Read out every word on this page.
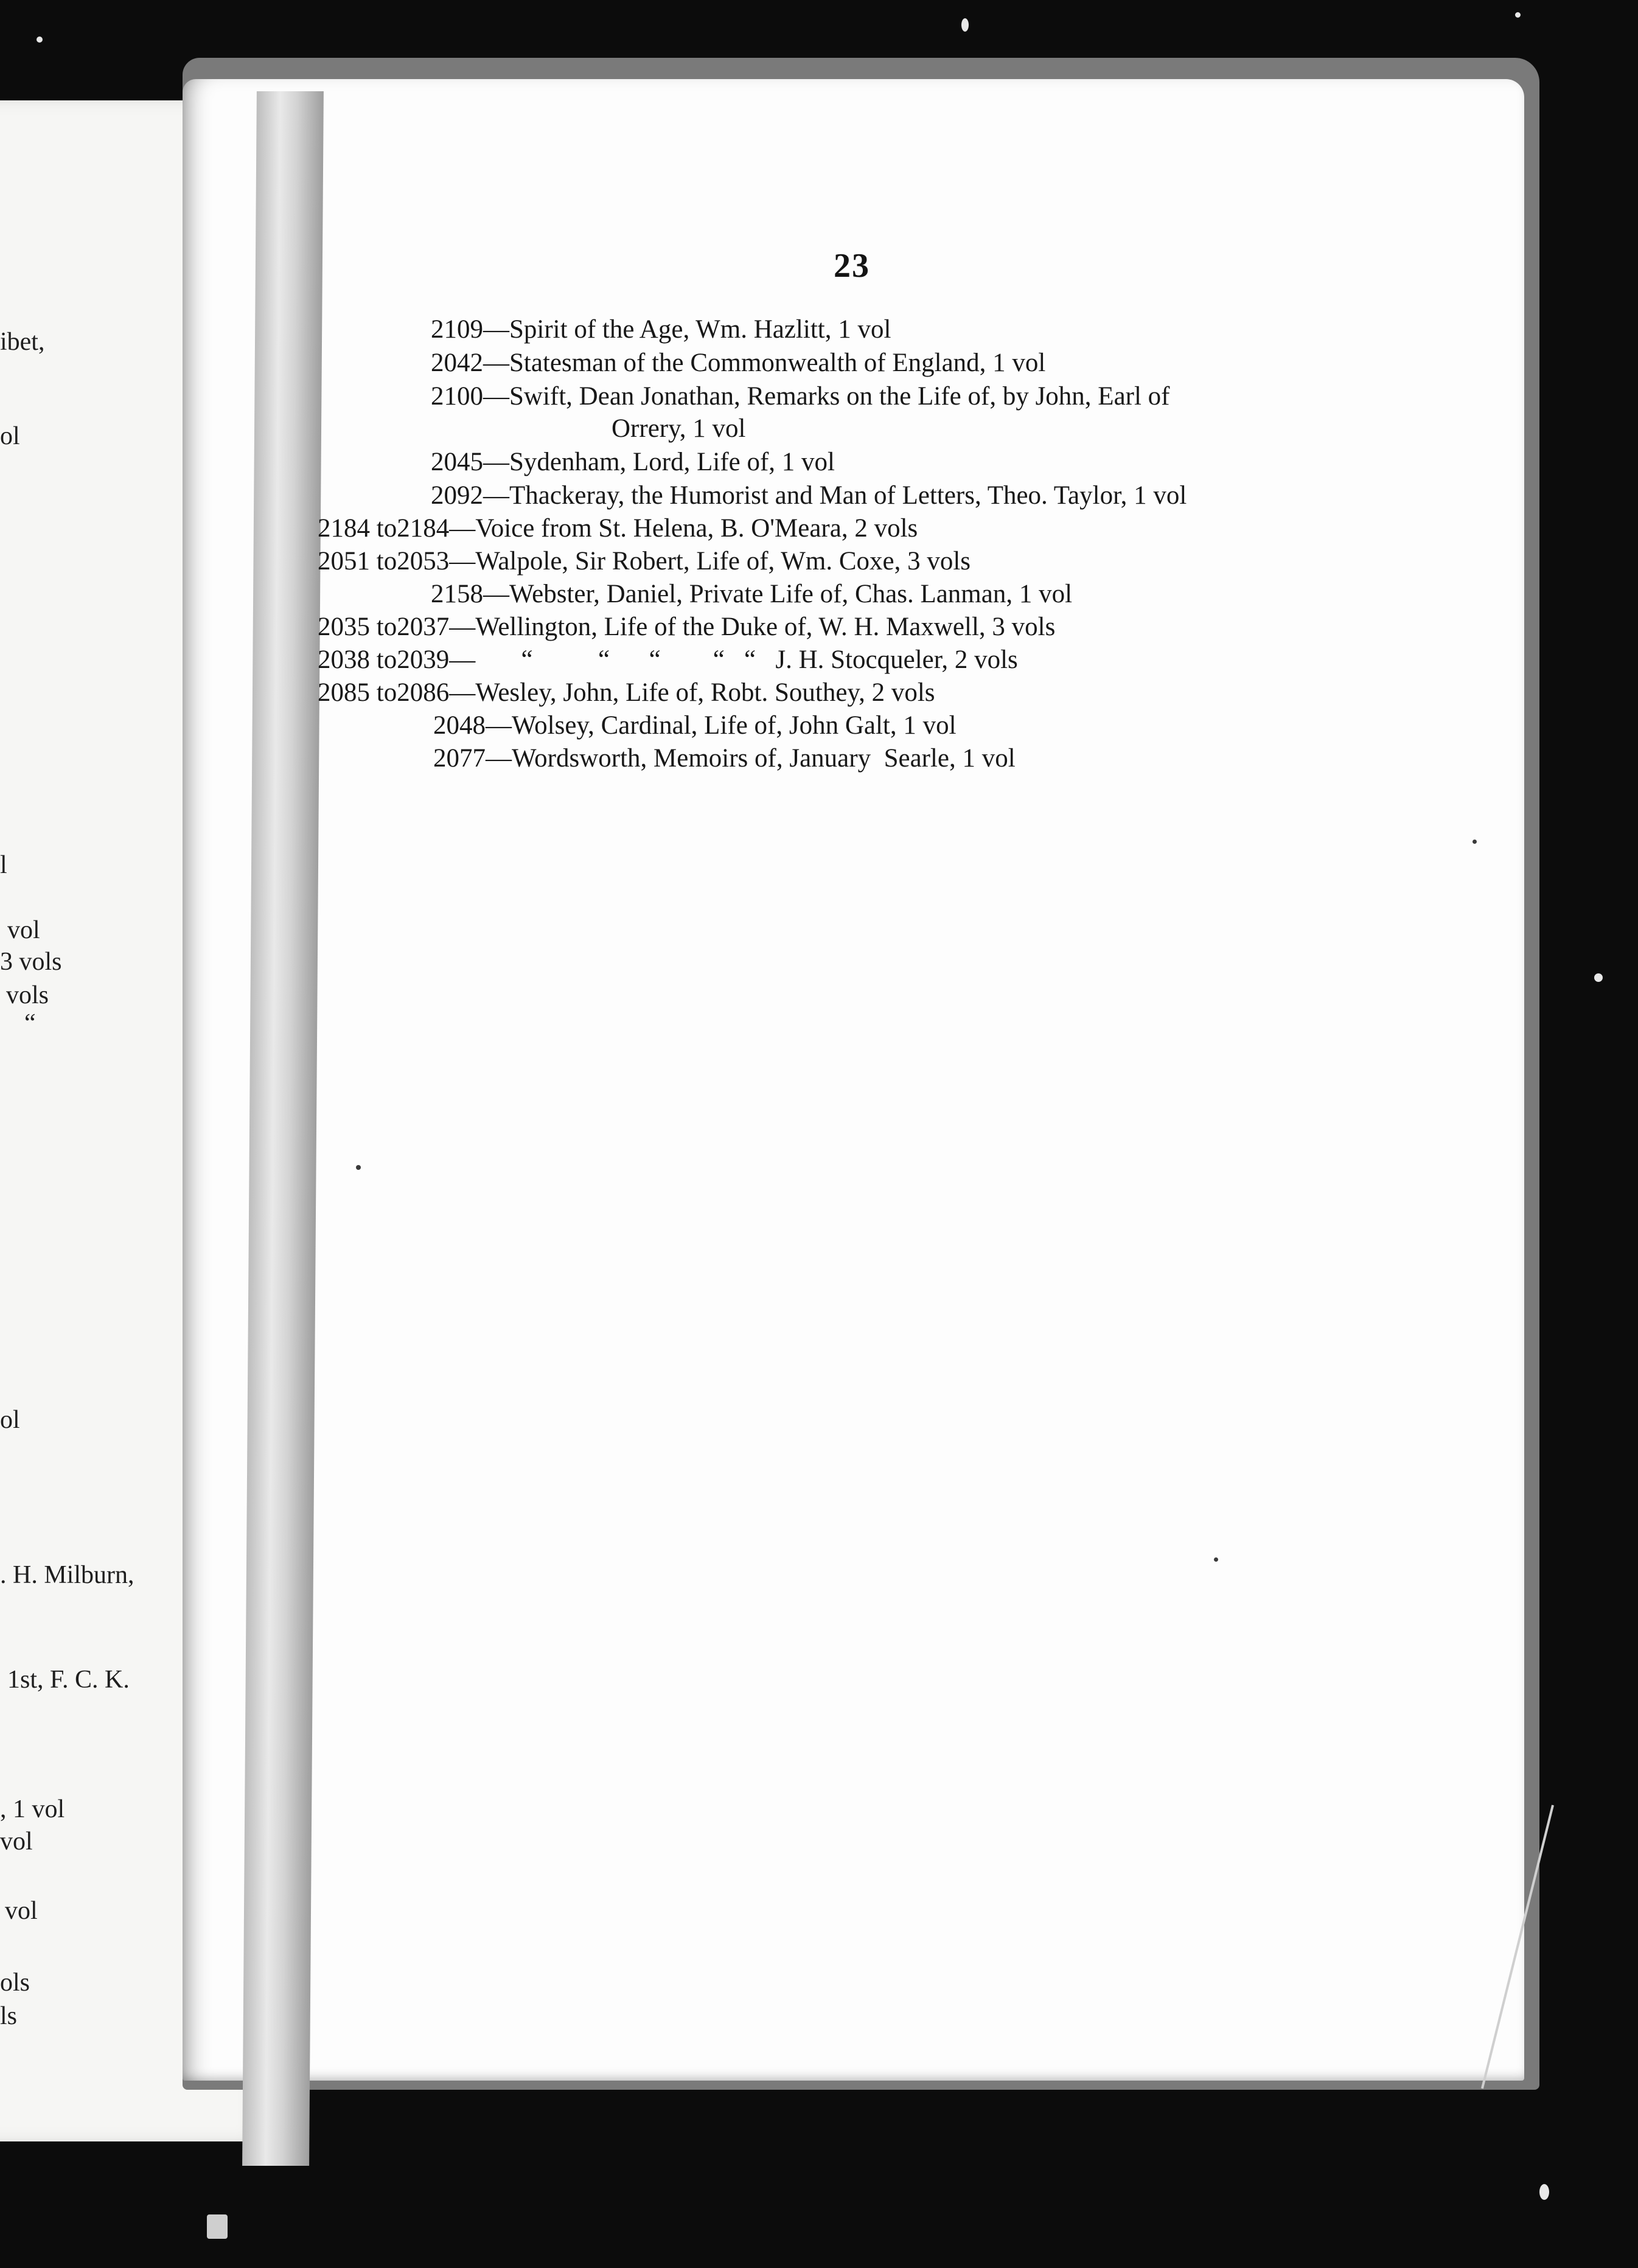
ibet,
ol
l
vol
3 vols
vols
“
ol
. H. Milburn,
1st, F. C. K.
, 1 vol
vol
vol
ols
ls
23
2109—Spirit of the Age, Wm. Hazlitt, 1 vol
2042—Statesman of the Commonwealth of England, 1 vol
2100—Swift, Dean Jonathan, Remarks on the Life of, by John, Earl of
Orrery, 1 vol
2045—Sydenham, Lord, Life of, 1 vol
2092—Thackeray, the Humorist and Man of Letters, Theo. Taylor, 1 vol
2184 to2184—Voice from St. Helena, B. O'Meara, 2 vols
2051 to2053—Walpole, Sir Robert, Life of, Wm. Coxe, 3 vols
2158—Webster, Daniel, Private Life of, Chas. Lanman, 1 vol
2035 to2037—Wellington, Life of the Duke of, W. H. Maxwell, 3 vols
2038 to2039—       “          “      “        “   “   J. H. Stocqueler, 2 vols
2085 to2086—Wesley, John, Life of, Robt. Southey, 2 vols
2048—Wolsey, Cardinal, Life of, John Galt, 1 vol
2077—Wordsworth, Memoirs of, January  Searle, 1 vol
